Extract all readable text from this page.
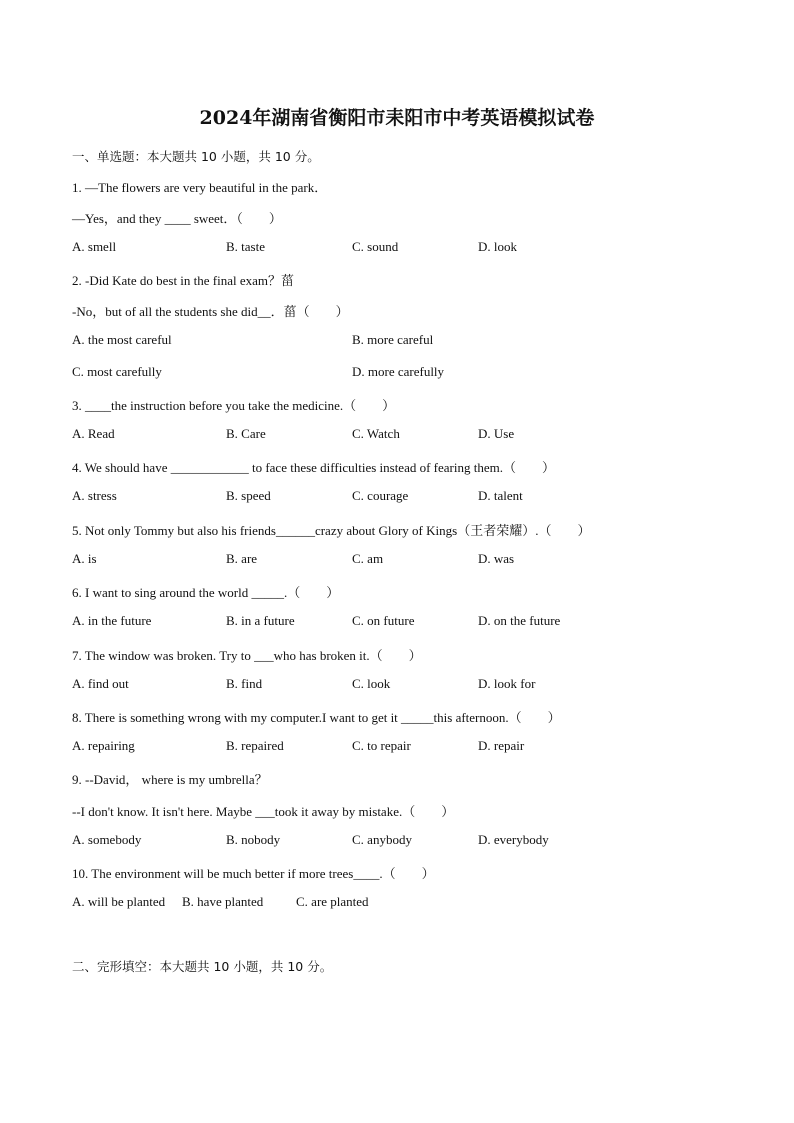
2024年湖南省衡阳市耒阳市中考英语模拟试卷
一、单选题：本大题共 10 小题，共 10 分。
1. —The flowers are very beautiful in the park．
—Yes，and they ____ sweet．（　　）
A. smell	B. taste	C. sound	D. look
2. -Did Kate do best in the final exam？菑
-No，but of all the students she did__．菑（　　）
A. the most careful	B. more careful
C. most carefully	D. more carefully
3. ____the instruction before you take the medicine.（　　）
A. Read	B. Care	C. Watch	D. Use
4. We should have ____________ to face these difficulties instead of fearing them.（　　）
A. stress	B. speed	C. courage	D. talent
5. Not only Tommy but also his friends______crazy about Glory of Kings（王者荣耀）.（　　）
A. is	B. are	C. am	D. was
6. I want to sing around the world _____.（　　）
A. in the future	B. in a future	C. on future	D. on the future
7. The window was broken. Try to ___who has broken it.（　　）
A. find out	B. find	C. look	D. look for
8. There is something wrong with my computer.I want to get it _____this afternoon.（　　）
A. repairing	B. repaired	C. to repair	D. repair
9. --David， where is my umbrella？
--I don't know. It isn't here. Maybe ___took it away by mistake.（　　）
A. somebody	B. nobody	C. anybody	D. everybody
10. The environment will be much better if more trees____.（　　）
A. will be planted B. have planted	C. are planted
二、完形填空：本大题共 10 小题，共 10 分。
